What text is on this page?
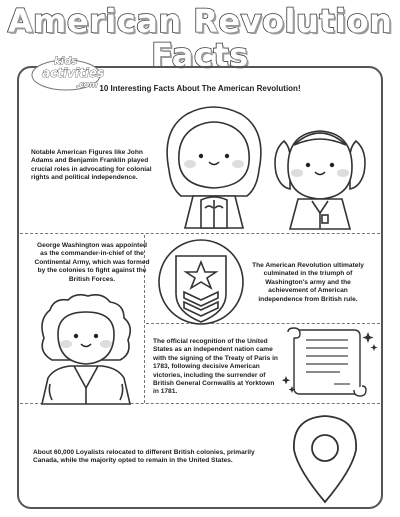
American Revolution
Facts
kids
activities
.com 10 Interesting Facts About The American Revolution!
Notable American Figures like John Adams and Benjamin Franklin played crucial roles in advocating for colonial rights and political independence.
George Washington was appointed as the commander-in-chief of the Continental Army, which was formed by the colonies to fight against the British Forces.
The American Revolution ultimately culminated in the triumph of Washington's army and the achievement of American independence from British rule.
The official recognition of the United States as an independent nation came with the signing of the Treaty of Paris in 1783, following decisive American victories, including the surrender of British General Cornwallis at Yorktown in 1781.
About 60,000 Loyalists relocated to different British colonies, primarily Canada, while the majority opted to remain in the United States.
